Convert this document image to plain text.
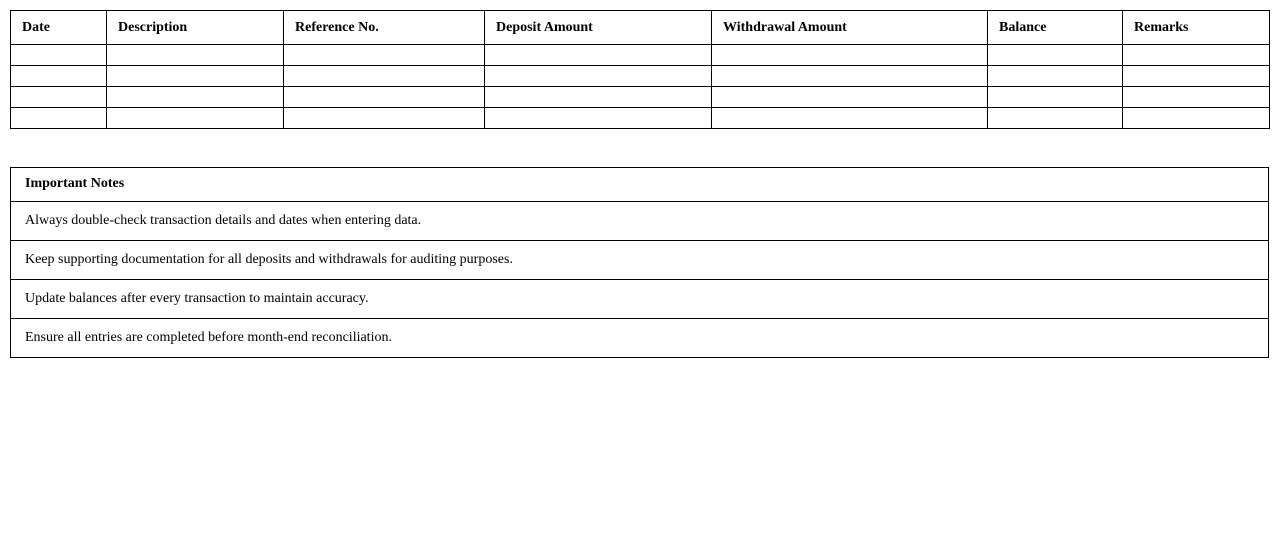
Date	Description	Reference No.	Deposit Amount	Withdrawal Amount	Balance	Remarks

Important Notes
Always double-check transaction details and dates when entering data.
Keep supporting documentation for all deposits and withdrawals for auditing purposes.
Update balances after every transaction to maintain accuracy.
Ensure all entries are completed before month-end reconciliation.
